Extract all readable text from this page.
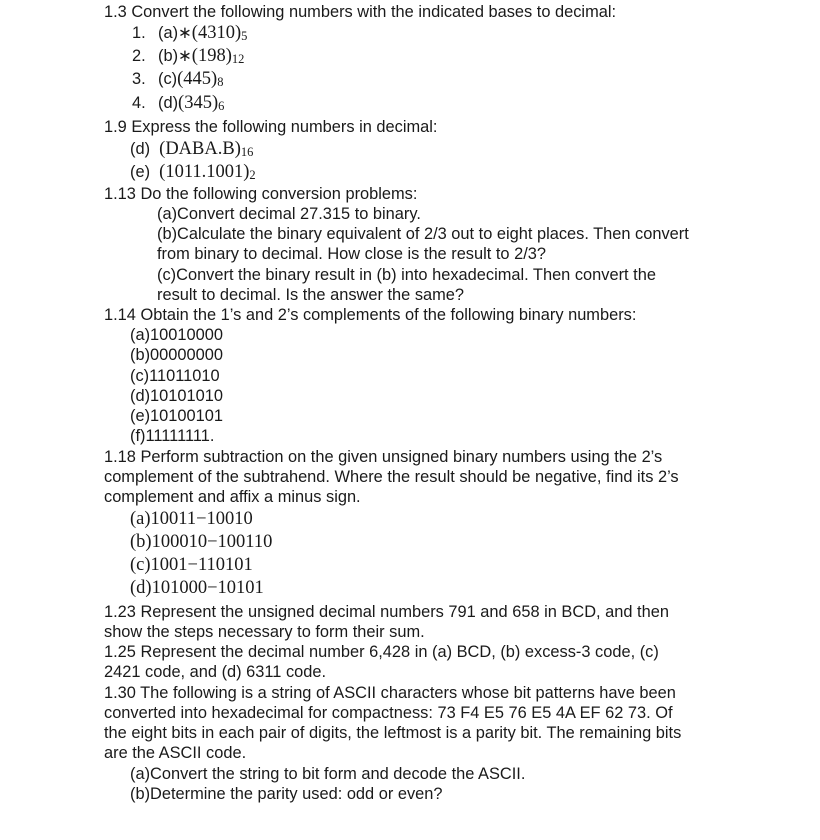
1.3 Convert the following numbers with the indicated bases to decimal:
1. (a)∗(4310)5
2. (b)∗(198)12
3. (c)(445)8
4. (d)(345)6
1.9 Express the following numbers in decimal:
(d) (DABA.B)16
(e) (1011.1001)2
1.13 Do the following conversion problems:
(a)Convert decimal 27.315 to binary.
(b)Calculate the binary equivalent of 2/3 out to eight places. Then convert
from binary to decimal. How close is the result to 2/3?
(c)Convert the binary result in (b) into hexadecimal. Then convert the
result to decimal. Is the answer the same?
1.14 Obtain the 1’s and 2’s complements of the following binary numbers:
(a)10010000
(b)00000000
(c)11011010
(d)10101010
(e)10100101
(f)11111111.
1.18 Perform subtraction on the given unsigned binary numbers using the 2’s
complement of the subtrahend. Where the result should be negative, find its 2’s
complement and affix a minus sign.
(a)10011−10010
(b)100010−100110
(c)1001−110101
(d)101000−10101
1.23 Represent the unsigned decimal numbers 791 and 658 in BCD, and then
show the steps necessary to form their sum.
1.25 Represent the decimal number 6,428 in (a) BCD, (b) excess-3 code, (c)
2421 code, and (d) 6311 code.
1.30 The following is a string of ASCII characters whose bit patterns have been
converted into hexadecimal for compactness: 73 F4 E5 76 E5 4A EF 62 73. Of
the eight bits in each pair of digits, the leftmost is a parity bit. The remaining bits
are the ASCII code.
(a)Convert the string to bit form and decode the ASCII.
(b)Determine the parity used: odd or even?
